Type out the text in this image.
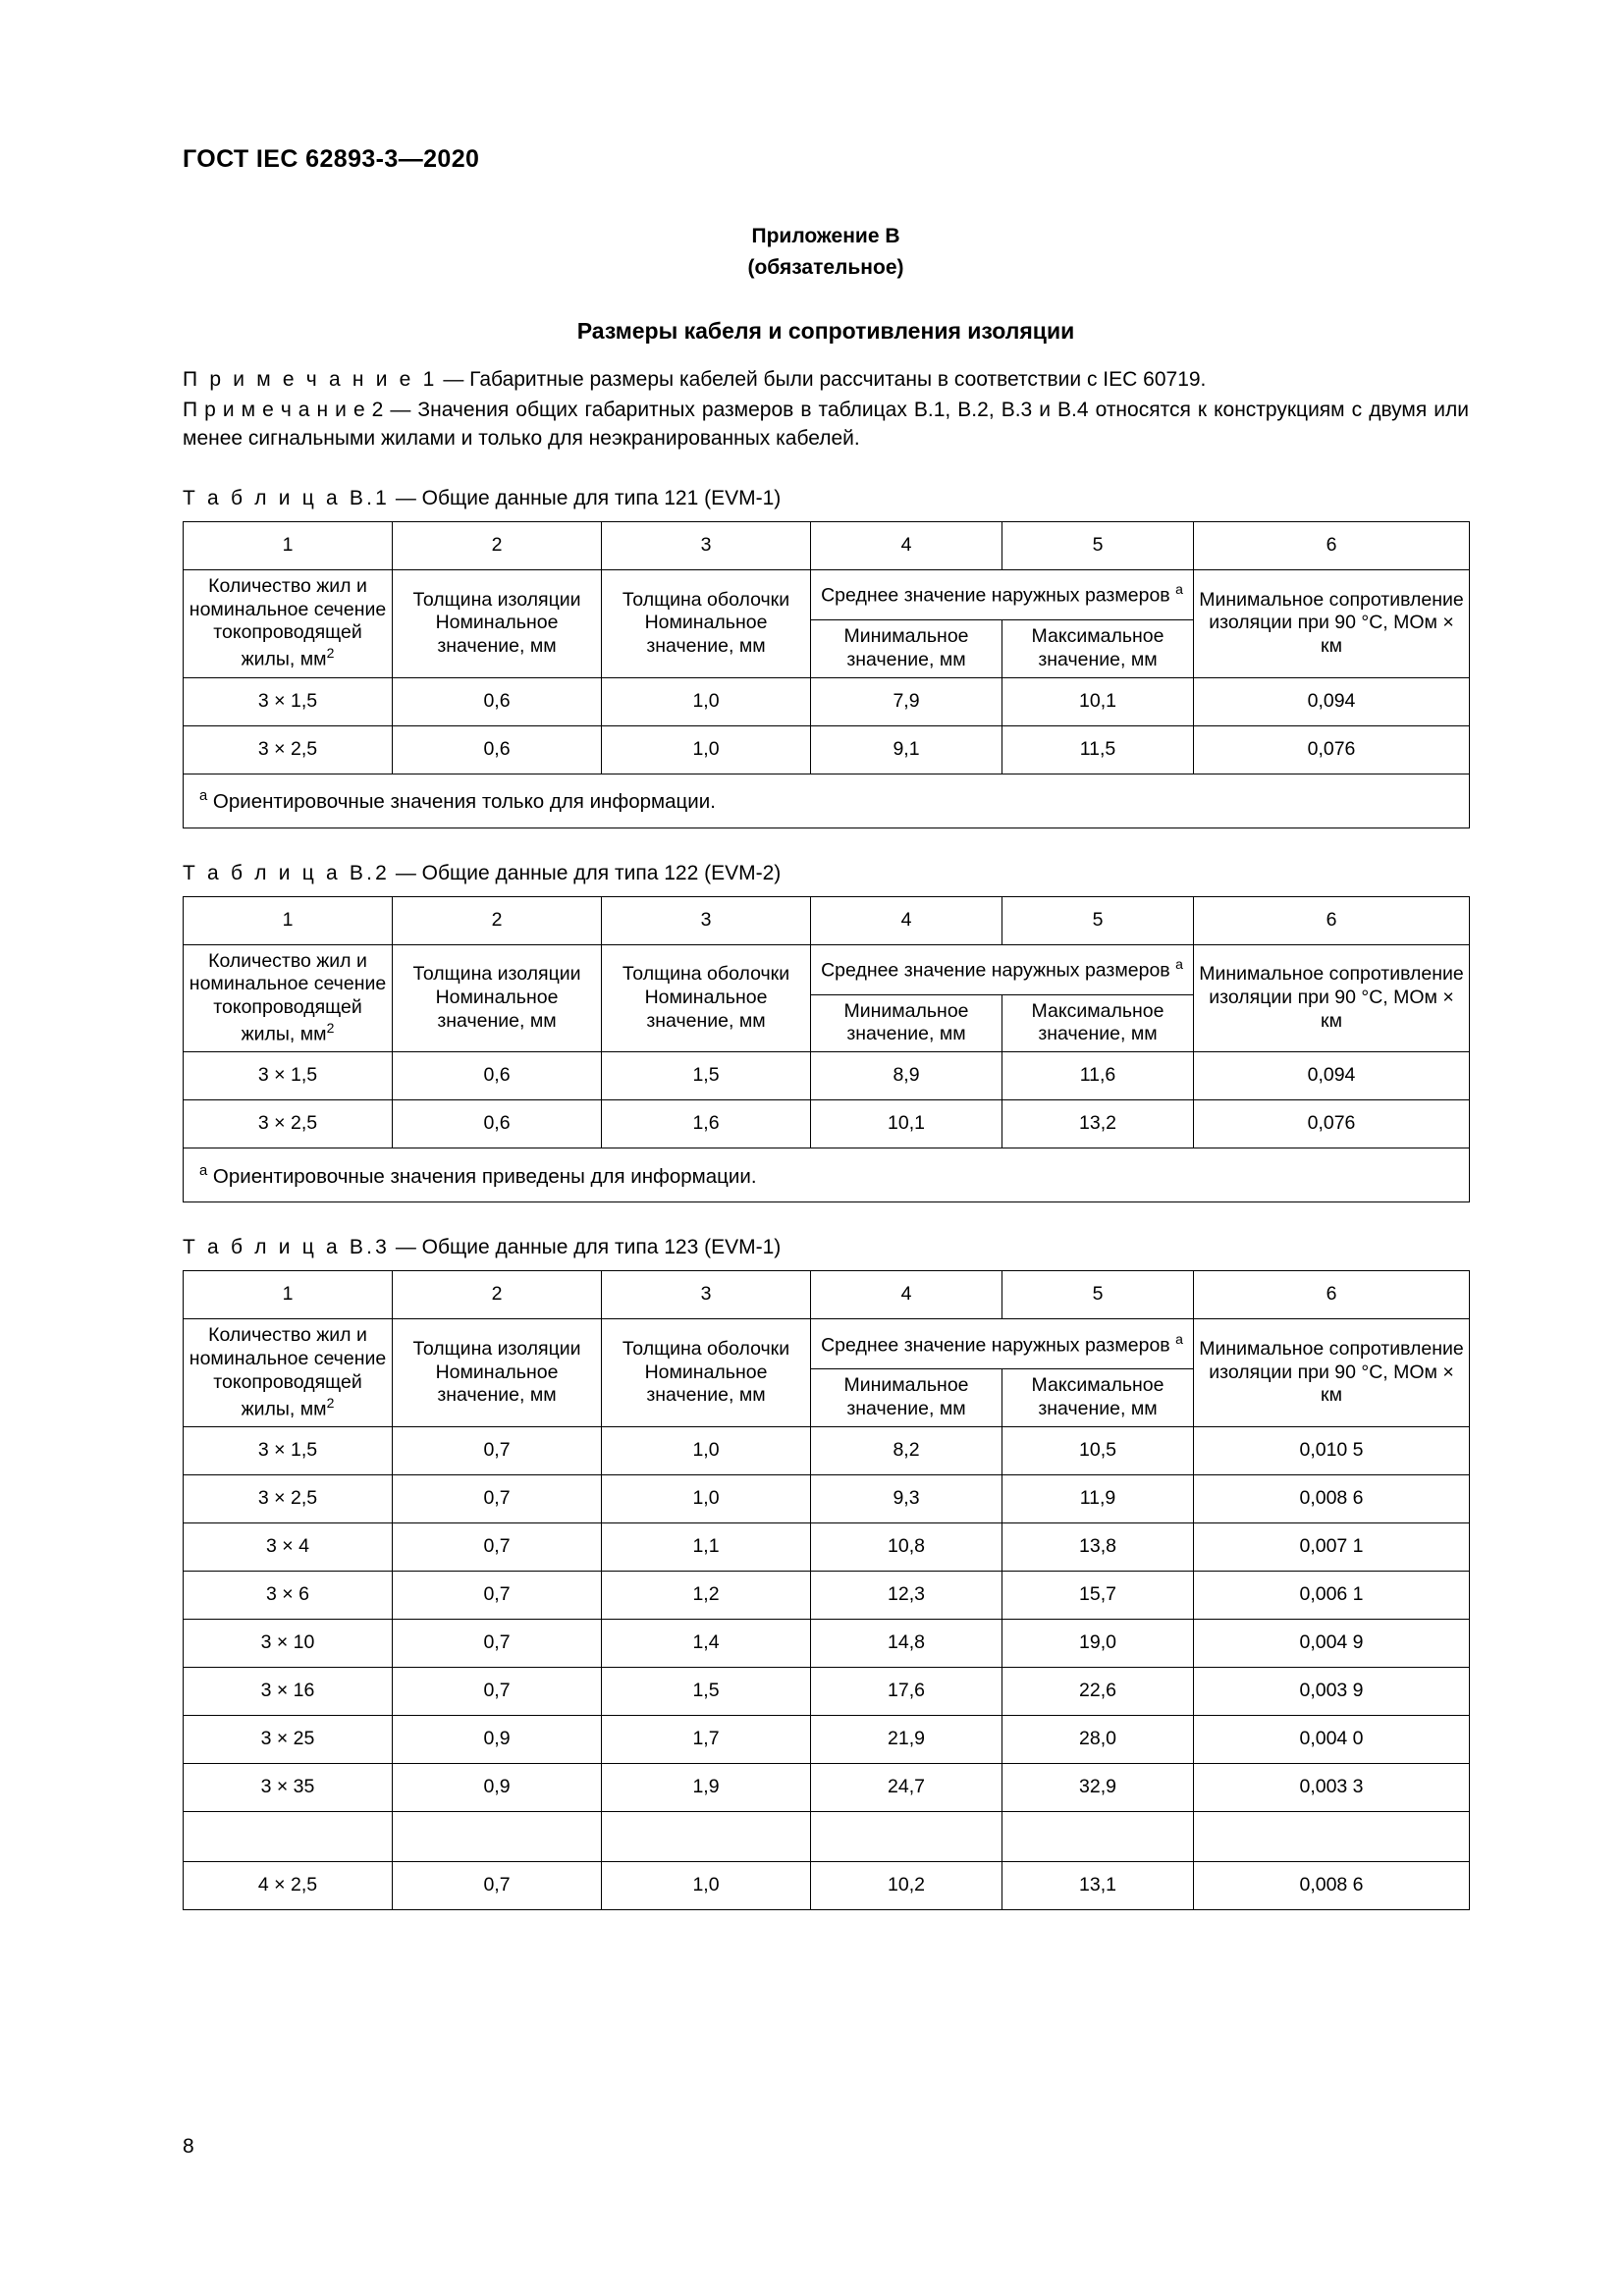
ГОСТ IEC 62893-3—2020
Приложение В
(обязательное)
Размеры кабеля и сопротивления изоляции
П р и м е ч а н и е 1 — Габаритные размеры кабелей были рассчитаны в соответствии с IEC 60719.
П р и м е ч а н и е 2 — Значения общих габаритных размеров в таблицах В.1, В.2, В.3 и В.4 относятся к конструкциям с двумя или менее сигнальными жилами и только для неэкранированных кабелей.
Т а б л и ц а В.1 — Общие данные для типа 121 (EVM-1)
1	2	3	4	5	6
Количество жил и номинальное сечение токопроводящей жилы, $мм^2$	Толщина изоляции Номинальное значение, мм	Толщина оболочки Номинальное значение, мм	Среднее значение наружных размеров $^а$		Минимальное сопротивление изоляции при 90 °С, МОм × км
			Минимальное значение, мм	Максимальное значение, мм	
3 × 1,5	0,6	1,0	7,9	10,1	0,094
3 × 2,5	0,6	1,0	9,1	11,5	0,076
$^а$ Ориентировочные значения только для информации.					
Т а б л и ц а В.2 — Общие данные для типа 122 (EVM-2)
1	2	3	4	5	6
Количество жил и номинальное сечение токопроводящей жилы, $мм^2$	Толщина изоляции Номинальное значение, мм	Толщина оболочки Номинальное значение, мм	Среднее значение наружных размеров $^а$		Минимальное сопротивление изоляции при 90 °С, МОм × км
			Минимальное значение, мм	Максимальное значение, мм	
3 × 1,5	0,6	1,5	8,9	11,6	0,094
3 × 2,5	0,6	1,6	10,1	13,2	0,076
$^а$ Ориентировочные значения приведены для информации.					
Т а б л и ц а В.3 — Общие данные для типа 123 (EVM-1)
1	2	3	4	5	6
Количество жил и номинальное сечение токопроводящей жилы, $мм^2$	Толщина изоляции Номинальное значение, мм	Толщина оболочки Номинальное значение, мм	Среднее значение наружных размеров $^а$		Минимальное сопротивление изоляции при 90 °С, МОм × км
			Минимальное значение, мм	Максимальное значение, мм	
3 × 1,5	0,7	1,0	8,2	10,5	0,010 5
3 × 2,5	0,7	1,0	9,3	11,9	0,008 6
3 × 4	0,7	1,1	10,8	13,8	0,007 1
3 × 6	0,7	1,2	12,3	15,7	0,006 1
3 × 10	0,7	1,4	14,8	19,0	0,004 9
3 × 16	0,7	1,5	17,6	22,6	0,003 9
3 × 25	0,9	1,7	21,9	28,0	0,004 0
3 × 35	0,9	1,9	24,7	32,9	0,003 3

4 × 2,5	0,7	1,0	10,2	13,1	0,008 6
8
